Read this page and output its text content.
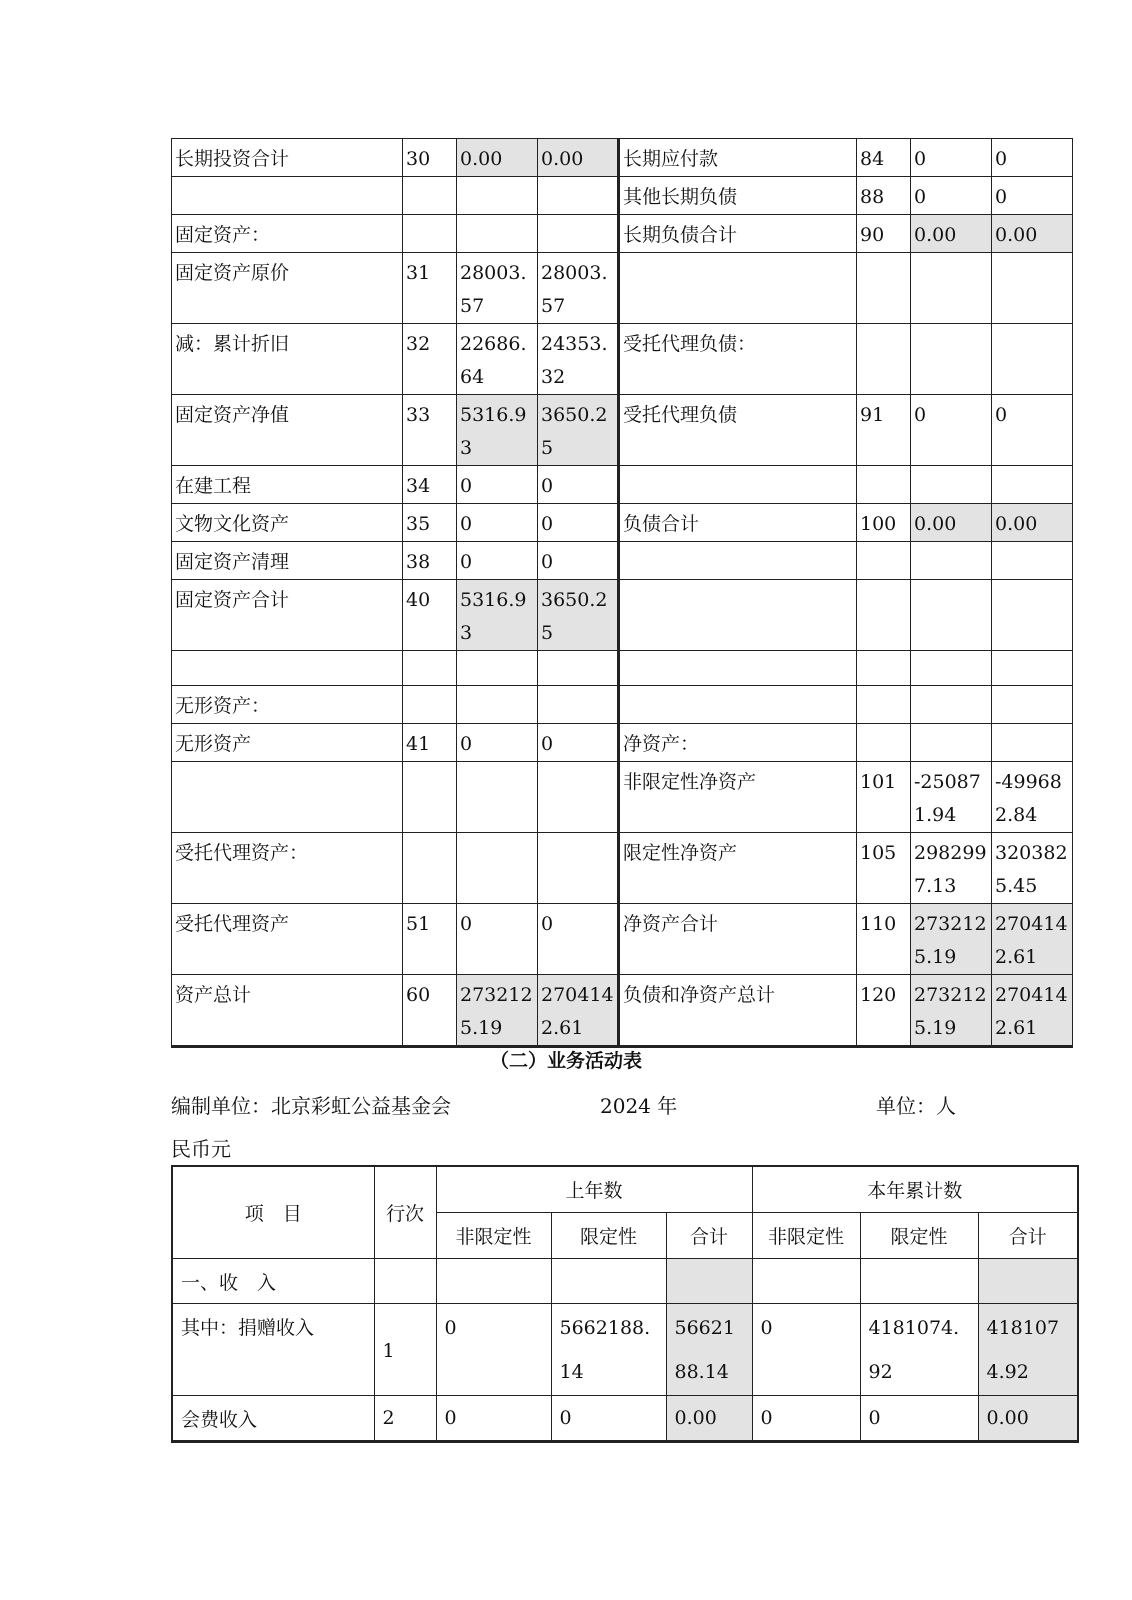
长期投资合计	30	0.00	0.00	长期应付款	84	0	0
				其他长期负债	88	0	0
固定资产：				长期负债合计	90	0.00	0.00
固定资产原价	31	28003.57	28003.57				
减：累计折旧	32	22686.64	24353.32	受托代理负债：			
固定资产净值	33	5316.93	3650.25	受托代理负债	91	0	0
在建工程	34	0	0				
文物文化资产	35	0	0	负债合计	100	0.00	0.00
固定资产清理	38	0	0				
固定资产合计	40	5316.93	3650.25				

无形资产：							
无形资产	41	0	0	净资产：			
				非限定性净资产	101	-250871.94	-499682.84
受托代理资产：				限定性净资产	105	2982997.13	3203825.45
受托代理资产	51	0	0	净资产合计	110	2732125.19	2704142.61
资产总计	60	2732125.19	2704142.61	负债和净资产总计	120	2732125.19	2704142.61
（二）业务活动表
编制单位：北京彩虹公益基金会	2024 年	单位：人
民币元
项　目	行次	上年数			本年累计数		
		非限定性	限定性	合计	非限定性	限定性	合计
一、收　入							
其中：捐赠收入	1	0	5662188.14	5662188.14	0	4181074.92	4181074.92
会费收入	2	0	0	0.00	0	0	0.00
